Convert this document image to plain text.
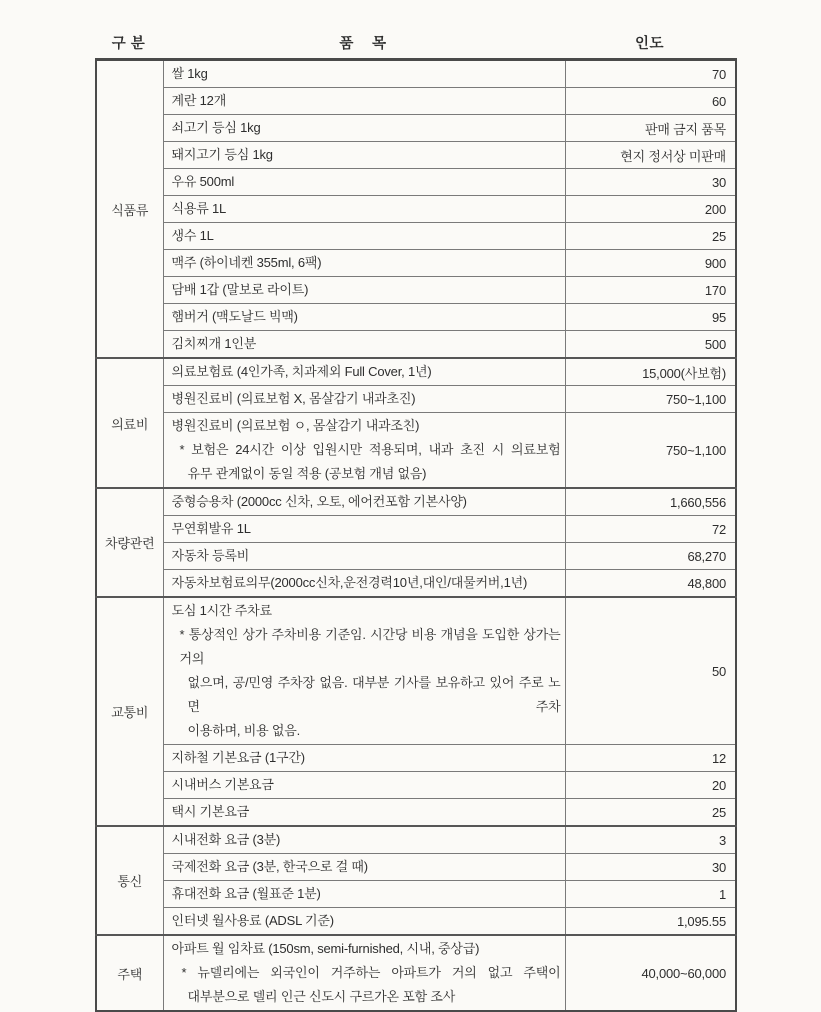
구 분	품    목	인도
식품류	쌀 1kg	70

	계란 12개	60

	쇠고기 등심 1kg	판매 금지 품목

	돼지고기 등심 1kg	현지 정서상 미판매

	우유 500ml	30

	식용류 1L	200

	생수 1L	25

	맥주 (하이네켄 355ml, 6팩)	900

	담배 1갑 (말보로 라이트)	170

	햄버거 (맥도날드 빅맥)	95

	김치찌개 1인분	500
의료비	의료보험료 (4인가족, 치과제외 Full Cover, 1년)	15,000(사보험)

	병원진료비 (의료보험 X, 몸살감기 내과초진)	750~1,100

	병원진료비 (의료보험 ㅇ, 몸살감기 내과조친)
* 보험은 24시간 이상 입원시만 적용되며, 내과 초진 시 의료보험
유무 관계없이 동일 적용 (공보험 개념 없음)	750~1,100
차량관련	중형승용차 (2000cc 신차, 오토, 에어컨포함 기본사양)	1,660,556

	무연휘발유 1L	72

	자동차 등록비	68,270

	자동차보험료의무(2000cc신차,운전경력10년,대인/대물커버,1년)	48,800
교통비	도심 1시간 주차료
* 통상적인 상가 주차비용 기준임. 시간당 비용 개념을 도입한 상가는 거의
없으며, 공/민영 주차장 없음. 대부분 기사를 보유하고 있어 주로 노면 주차
이용하며, 비용 없음.	50

	지하철 기본요금 (1구간)	12

	시내버스 기본요금	20

	택시 기본요금	25
통신	시내전화 요금 (3분)	3

	국제전화 요금 (3분, 한국으로 걸 때)	30

	휴대전화 요금 (월표준 1분)	1

	인터넷 월사용료 (ADSL 기준)	1,095.55
주택	아파트 월 임차료 (150sm, semi-furnished, 시내, 중상급)
* 뉴델리에는 외국인이 거주하는 아파트가 거의 없고 주택이
대부분으로 델리 인근 신도시 구르가온 포함 조사	40,000~60,000
